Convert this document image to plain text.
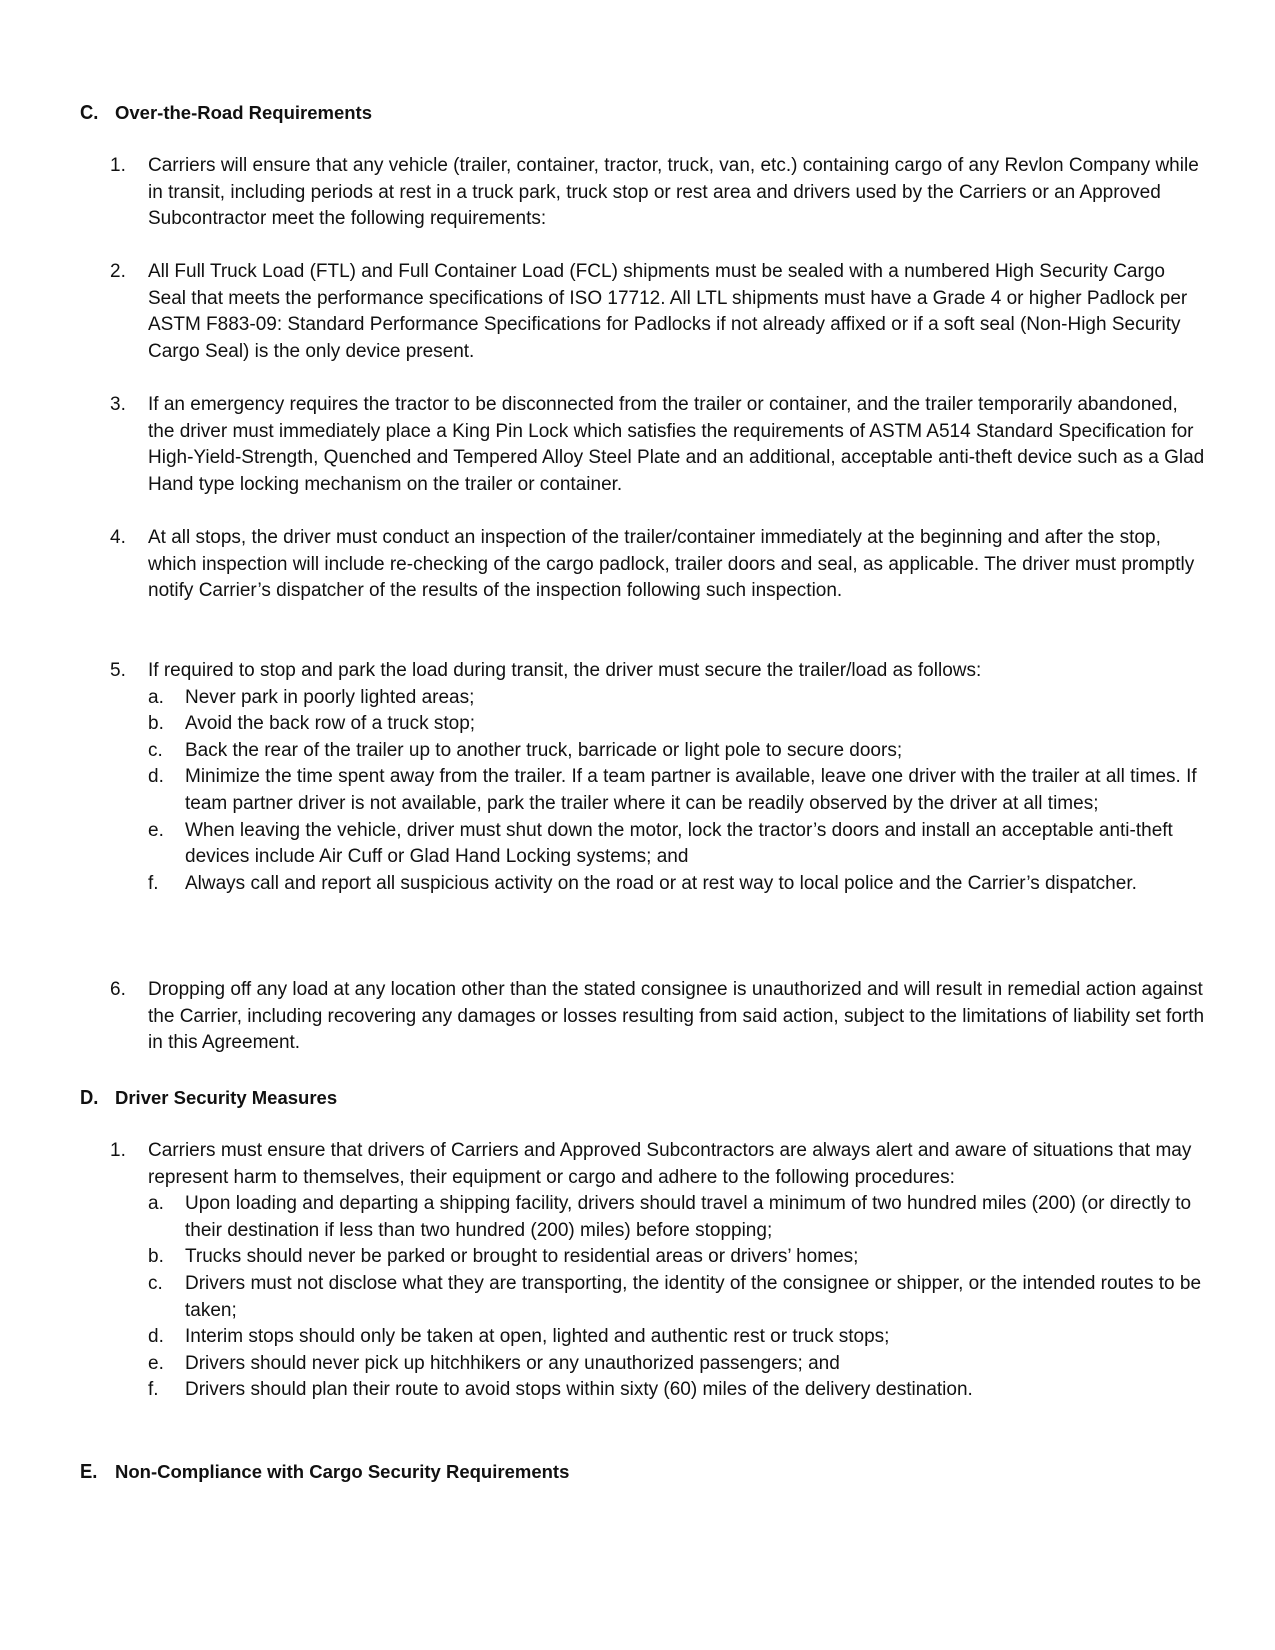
C. Over-the-Road Requirements
1. Carriers will ensure that any vehicle (trailer, container, tractor, truck, van, etc.) containing cargo of any Revlon Company while in transit, including periods at rest in a truck park, truck stop or rest area and drivers used by the Carriers or an Approved Subcontractor meet the following requirements:
2. All Full Truck Load (FTL) and Full Container Load (FCL) shipments must be sealed with a numbered High Security Cargo Seal that meets the performance specifications of ISO 17712. All LTL shipments must have a Grade 4 or higher Padlock per ASTM F883-09: Standard Performance Specifications for Padlocks if not already affixed or if a soft seal (Non-High Security Cargo Seal) is the only device present.
3. If an emergency requires the tractor to be disconnected from the trailer or container, and the trailer temporarily abandoned, the driver must immediately place a King Pin Lock which satisfies the requirements of ASTM A514 Standard Specification for High-Yield-Strength, Quenched and Tempered Alloy Steel Plate and an additional, acceptable anti-theft device such as a Glad Hand type locking mechanism on the trailer or container.
4. At all stops, the driver must conduct an inspection of the trailer/container immediately at the beginning and after the stop, which inspection will include re-checking of the cargo padlock, trailer doors and seal, as applicable. The driver must promptly notify Carrier’s dispatcher of the results of the inspection following such inspection.
5. If required to stop and park the load during transit, the driver must secure the trailer/load as follows:
a. Never park in poorly lighted areas;
b. Avoid the back row of a truck stop;
c. Back the rear of the trailer up to another truck, barricade or light pole to secure doors;
d. Minimize the time spent away from the trailer. If a team partner is available, leave one driver with the trailer at all times. If team partner driver is not available, park the trailer where it can be readily observed by the driver at all times;
e. When leaving the vehicle, driver must shut down the motor, lock the tractor’s doors and install an acceptable anti-theft devices include Air Cuff or Glad Hand Locking systems; and
f. Always call and report all suspicious activity on the road or at rest way to local police and the Carrier’s dispatcher.
6. Dropping off any load at any location other than the stated consignee is unauthorized and will result in remedial action against the Carrier, including recovering any damages or losses resulting from said action, subject to the limitations of liability set forth in this Agreement.
D. Driver Security Measures
1. Carriers must ensure that drivers of Carriers and Approved Subcontractors are always alert and aware of situations that may represent harm to themselves, their equipment or cargo and adhere to the following procedures:
a. Upon loading and departing a shipping facility, drivers should travel a minimum of two hundred miles (200) (or directly to their destination if less than two hundred (200) miles) before stopping;
b. Trucks should never be parked or brought to residential areas or drivers’ homes;
c. Drivers must not disclose what they are transporting, the identity of the consignee or shipper, or the intended routes to be taken;
d. Interim stops should only be taken at open, lighted and authentic rest or truck stops;
e. Drivers should never pick up hitchhikers or any unauthorized passengers; and
f. Drivers should plan their route to avoid stops within sixty (60) miles of the delivery destination.
E. Non-Compliance with Cargo Security Requirements
